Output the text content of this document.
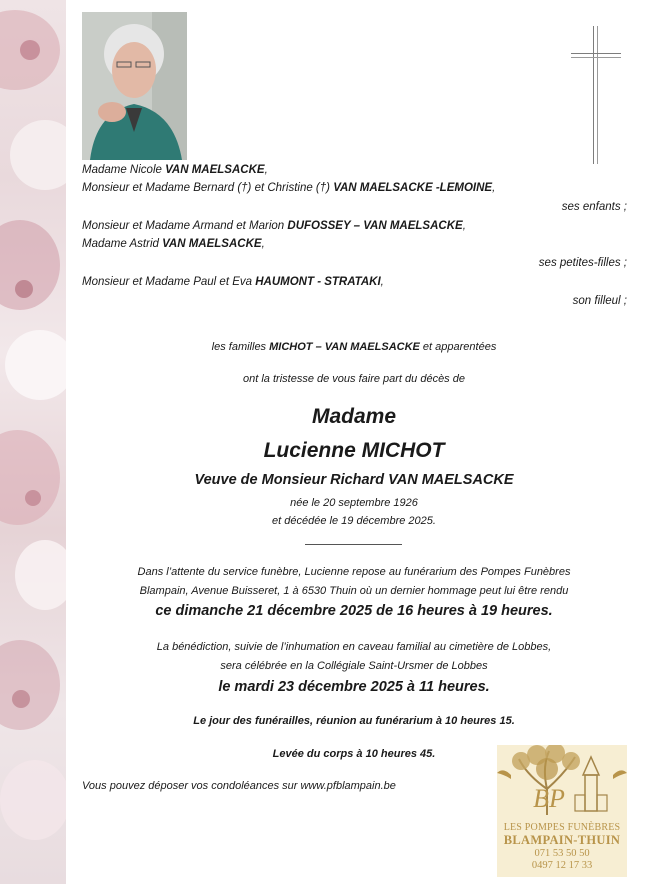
Madame Nicole VAN MAELSACKE,
Monsieur et Madame Bernard (†) et Christine (†) VAN MAELSACKE -LEMOINE,
ses enfants ;
Monsieur et Madame Armand et Marion DUFOSSEY – VAN MAELSACKE,
Madame Astrid VAN MAELSACKE,
ses petites-filles ;
Monsieur et Madame Paul et Eva HAUMONT - STRATAKI,
son filleul ;
les familles MICHOT – VAN MAELSACKE et apparentées
ont la tristesse de vous faire part du décès de
Madame
Lucienne MICHOT
Veuve de Monsieur Richard VAN MAELSACKE
née le 20 septembre 1926
et décédée le 19 décembre 2025.
Dans l’attente du service funèbre, Lucienne repose au funérarium des Pompes Funèbres
Blampain, Avenue Buisseret, 1 à 6530 Thuin où un dernier hommage peut lui être rendu
ce dimanche 21 décembre 2025 de 16 heures à 19 heures.
La bénédiction, suivie de l’inhumation en caveau familial au cimetière de Lobbes,
sera célébrée en la Collégiale Saint-Ursmer de Lobbes
le mardi 23 décembre 2025 à 11 heures.
Le jour des funérailles, réunion au funérarium à 10 heures 15.
Levée du corps à 10 heures 45.
Vous pouvez déposer vos condoléances sur www.pfblampain.be	BP
LES POMPES FUNÈBRES
BLAMPAIN-THUIN
071 53 50 50
0497 12 17 33
